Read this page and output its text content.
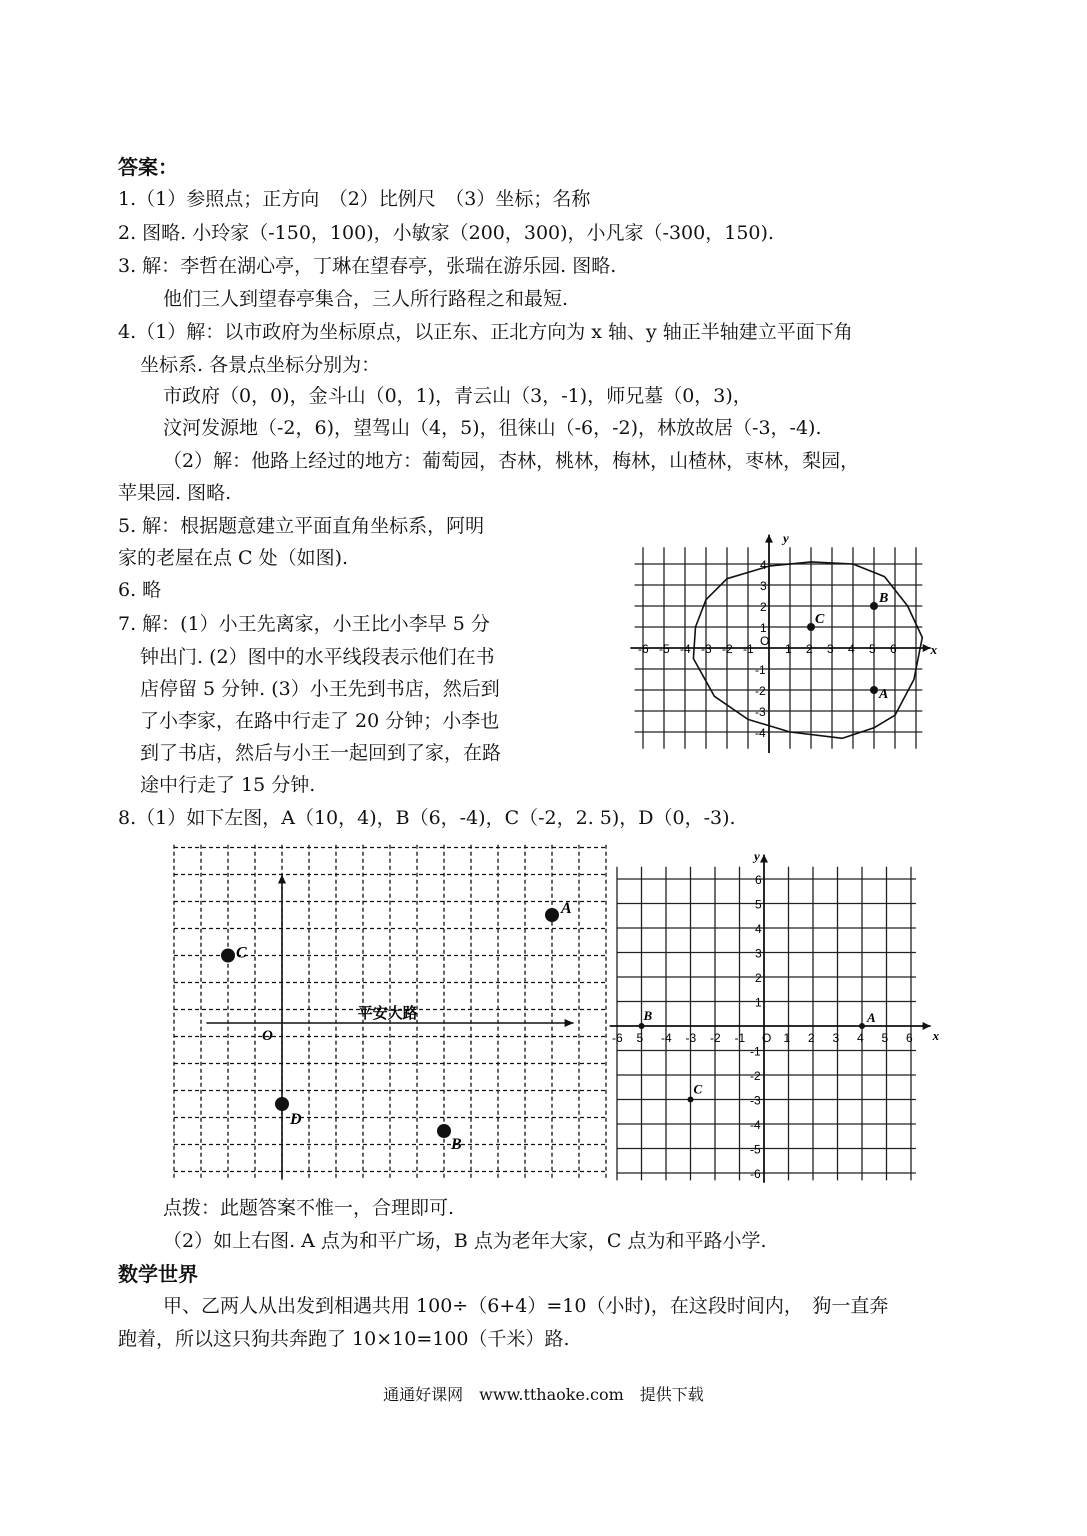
答案：
1.（1）参照点；正方向　（2）比例尺　（3）坐标；名称
2. 图略. 小玲家（-150，100)，小敏家（200，300)，小凡家（-300，150).
3. 解：李哲在湖心亭，丁琳在望春亭，张瑞在游乐园. 图略.
他们三人到望春亭集合，三人所行路程之和最短.
4.（1）解：以市政府为坐标原点，以正东、正北方向为 x 轴、y 轴正半轴建立平面下角
坐标系. 各景点坐标分别为：
市政府（0，0)，金斗山（0，1)，青云山（3，-1)，师兄墓（0，3)，
汶河发源地（-2，6)，望驾山（4，5)，徂徕山（-6，-2)，林放故居（-3，-4).
（2）解：他路上经过的地方：葡萄园，杏林，桃林，梅林，山楂林，枣林，梨园，
苹果园. 图略.
5. 解：根据题意建立平面直角坐标系，阿明
家的老屋在点 C 处（如图).
6. 略
7. 解：(1）小王先离家，小王比小李早 5 分
钟出门. (2）图中的水平线段表示他们在书
店停留 5 分钟. (3）小王先到书店，然后到
了小李家，在路中行走了 20 分钟；小李也
到了书店，然后与小王一起回到了家，在路
途中行走了 15 分钟.
8.（1）如下左图，A（10，4)，B（6，-4)，C（-2，2. 5)，D（0，-3).
点拨：此题答案不惟一，合理即可.
（2）如上右图. A 点为和平广场，B 点为老年大家，C 点为和平路小学.
数学世界
甲、乙两人从出发到相遇共用 100÷（6+4）=10（小时)，在这段时间内，　狗一直奔
跑着，所以这只狗共奔跑了 10×10=100（千米）路.
通通好课网　www.tthaoke.com　提供下载
-6 -5 -4 -3 -2 -1	1 2 3 4 5 6
4
3
2
1
-1
-2
-3
-4
O
x
y
B
C
A
平安大路
O
A
B
C
D
-6 5 -4 -3 -2 -1	1 2 3 4 5 6
6
5
4
3
2
1
-1
-2
-3
-4
-5
-6
O	x
y
A
B
C
